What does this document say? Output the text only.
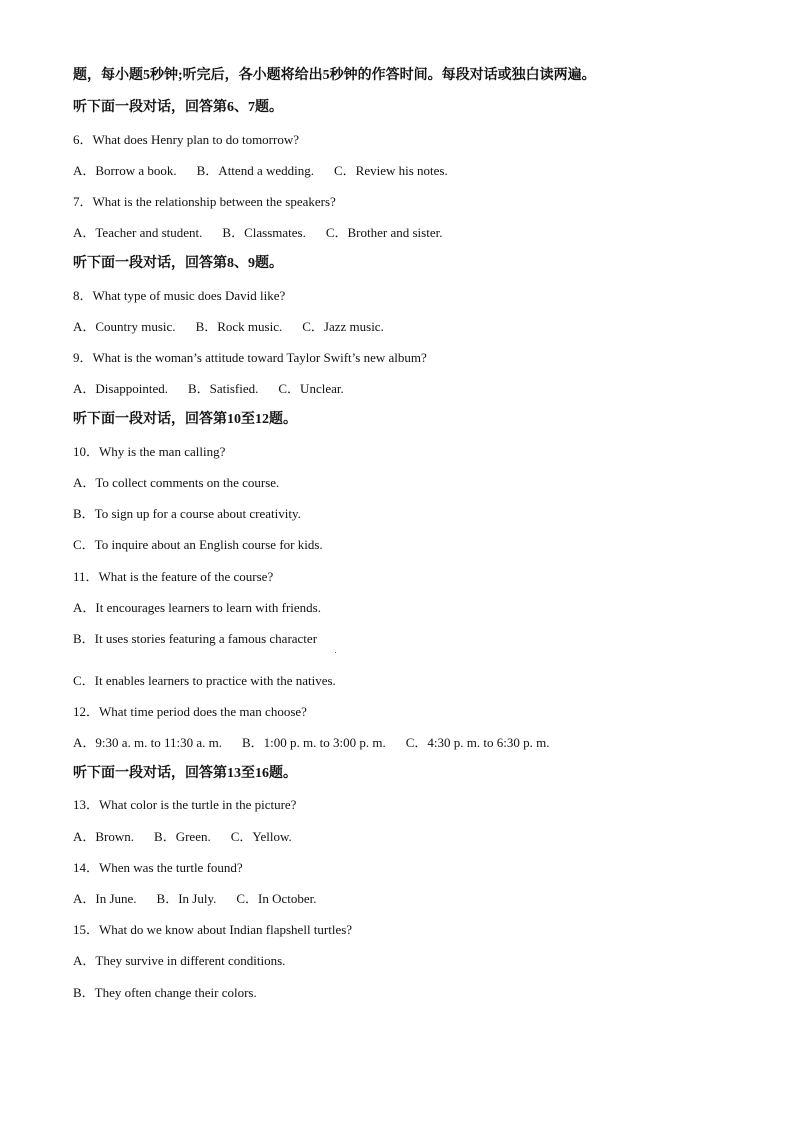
题，每小题5秒钟;听完后，各小题将给出5秒钟的作答时间。每段对话或独白读两遍。
听下面一段对话，回答第6、7题。
6．What does Henry plan to do tomorrow?
A．Borrow a book. B．Attend a wedding. C．Review his notes.
7．What is the relationship between the speakers?
A．Teacher and student. B．Classmates. C．Brother and sister.
听下面一段对话，回答第8、9题。
8．What type of music does David like?
A．Country music. B．Rock music. C．Jazz music.
9．What is the woman’s attitude toward Taylor Swift’s new album?
A．Disappointed. B．Satisfied. C．Unclear.
听下面一段对话，回答第10至12题。
10．Why is the man calling?
A．To collect comments on the course.
B．To sign up for a course about creativity.
C．To inquire about an English course for kids.
11．What is the feature of the course?
A．It encourages learners to learn with friends.
B．It uses stories featuring a famous character
C．It enables learners to practice with the natives.
12．What time period does the man choose?
A．9:30 a. m. to 11:30 a. m. B．1:00 p. m. to 3:00 p. m. C．4:30 p. m. to 6:30 p. m.
听下面一段对话，回答第13至16题。
13．What color is the turtle in the picture?
A．Brown. B．Green. C．Yellow.
14．When was the turtle found?
A．In June. B．In July. C．In October.
15．What do we know about Indian flapshell turtles?
A．They survive in different conditions.
B．They often change their colors.
